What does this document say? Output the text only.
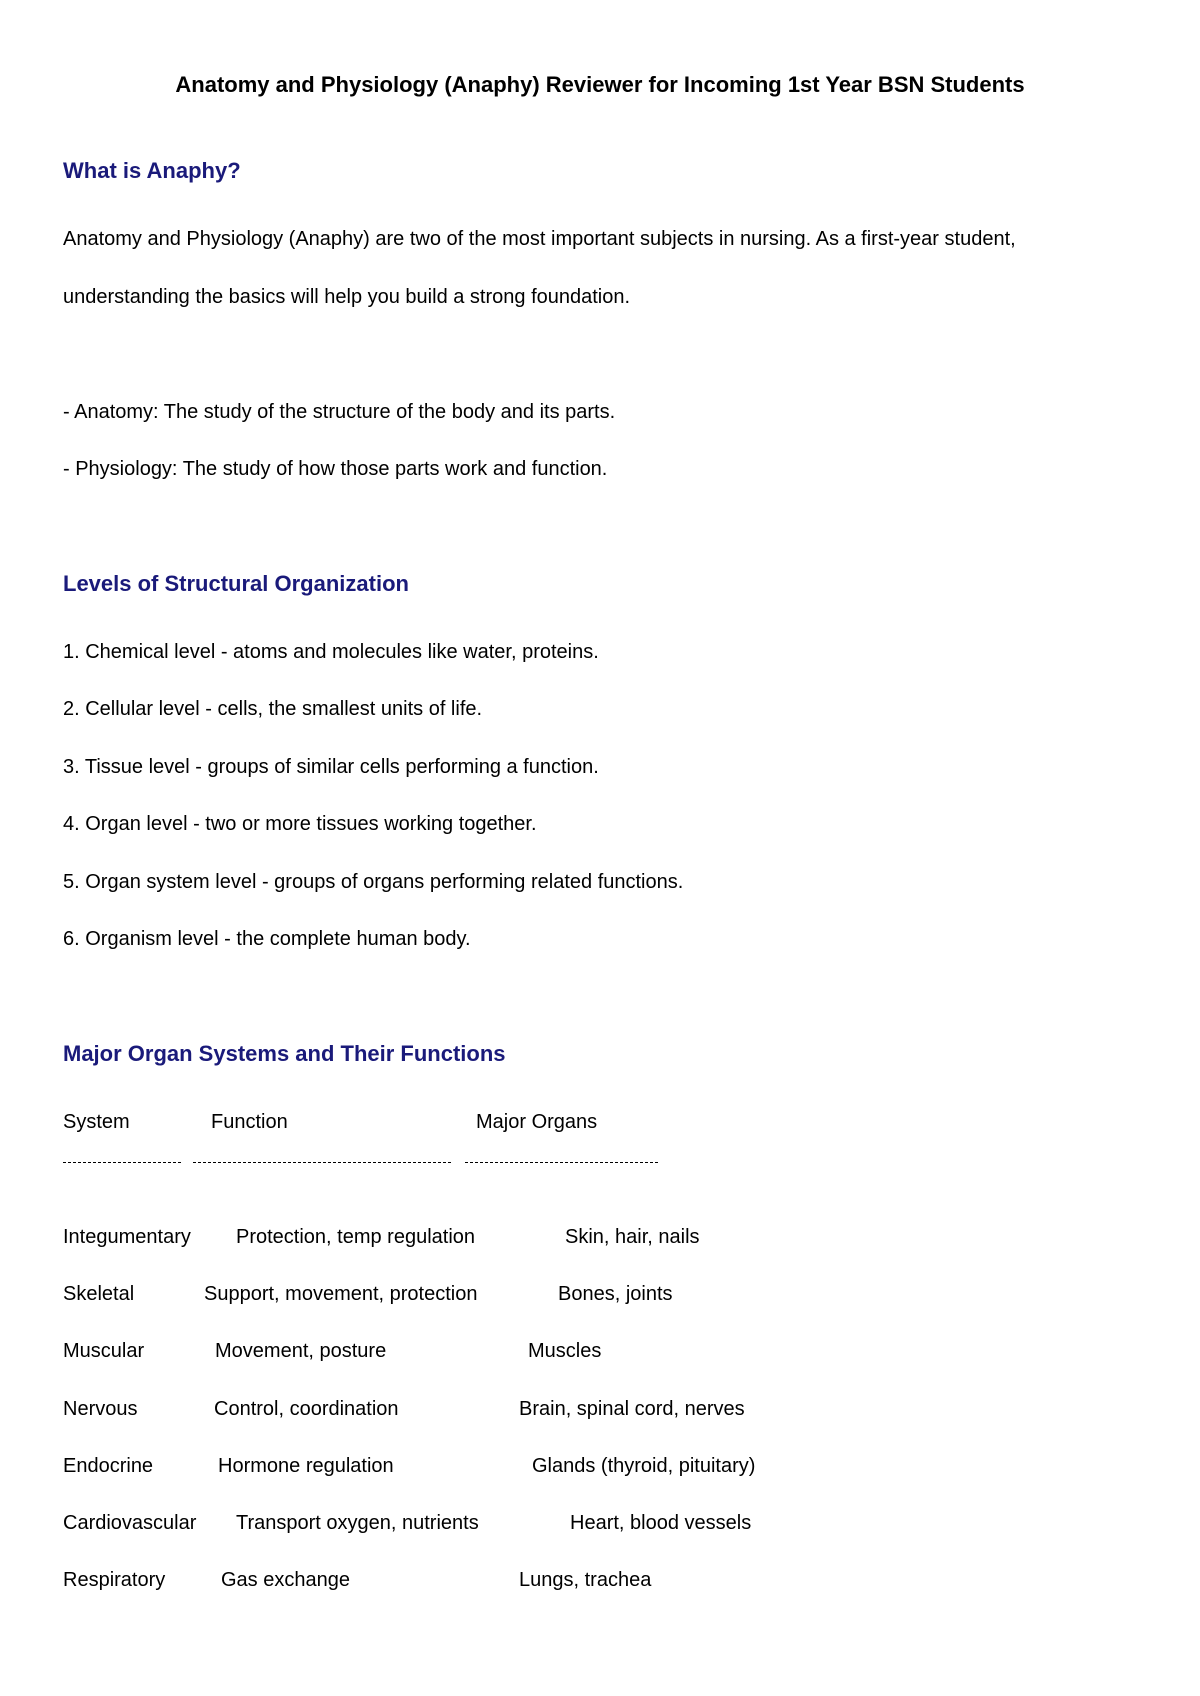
Anatomy and Physiology (Anaphy) Reviewer for Incoming 1st Year BSN Students
What is Anaphy?
Anatomy and Physiology (Anaphy) are two of the most important subjects in nursing. As a first-year student,
understanding the basics will help you build a strong foundation.
- Anatomy: The study of the structure of the body and its parts.
- Physiology: The study of how those parts work and function.
Levels of Structural Organization
1. Chemical level - atoms and molecules like water, proteins.
2. Cellular level - cells, the smallest units of life.
3. Tissue level - groups of similar cells performing a function.
4. Organ level - two or more tissues working together.
5. Organ system level - groups of organs performing related functions.
6. Organism level - the complete human body.
Major Organ Systems and Their Functions
System	Function	Major Organs
Integumentary Protection, temp regulation	Skin, hair, nails
Skeletal	Support, movement, protection	Bones, joints
Muscular	Movement, posture	Muscles
Nervous	Control, coordination	Brain, spinal cord, nerves
Endocrine	Hormone regulation	Glands (thyroid, pituitary)
Cardiovascular Transport oxygen, nutrients	Heart, blood vessels
Respiratory	Gas exchange	Lungs, trachea
